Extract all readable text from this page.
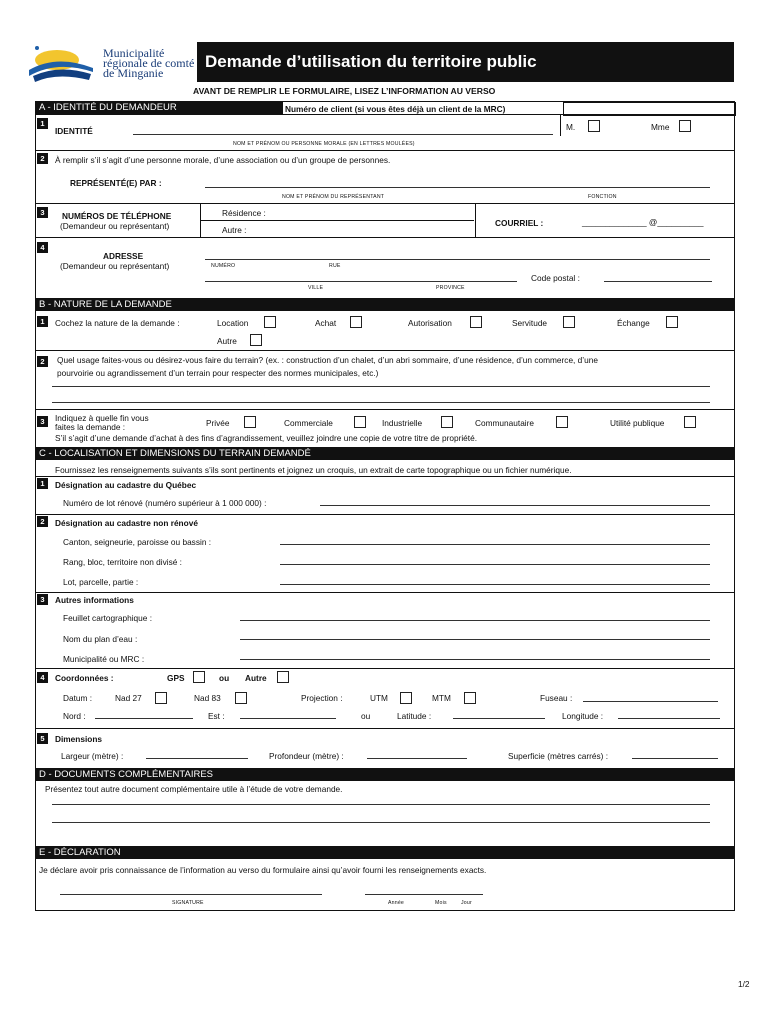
Municipalité
régionale de comté
de Minganie
Demande d’utilisation du territoire public
AVANT DE REMPLIR LE FORMULAIRE, LISEZ L’INFORMATION AU VERSO
A - IDENTITÉ DU DEMANDEUR	Numéro de client (si vous êtes déjà un client de la MRC)
1
IDENTITÉ	M.	Mme
NOM ET PRÉNOM OU PERSONNE MORALE (EN LETTRES MOULÉES)
2	À remplir s’il s’agit d’une personne morale, d’une association ou d’un groupe de personnes.
REPRÉSENTÉ(E) PAR :
NOM ET PRÉNOM DU REPRÉSENTANT	FONCTION
3	NUMÉROS DE TÉLÉPHONE
(Demandeur ou représentant)
Résidence :
Autre :
COURRIEL :	______________ @__________
4
ADRESSE
(Demandeur ou représentant)	NUMÉRO	RUE
Code postal :
VILLE	PROVINCE
B - NATURE DE LA DEMANDE
1	Cochez la nature de la demande :	Location	Achat	Autorisation	Servitude	Échange
Autre
2	Quel usage faites-vous ou désirez-vous faire du terrain? (ex. : construction d’un chalet, d’un abri sommaire, d’une résidence, d’un commerce, d’une
pourvoirie ou agrandissement d’un terrain pour respecter des normes municipales, etc.)
3	Indiquez à quelle fin vous
faites la demande :	Privée	Commerciale	Industrielle	Communautaire	Utilité publique
S’il s’agit d’une demande d’achat à des fins d’agrandissement, veuillez joindre une copie de votre titre de propriété.
C - LOCALISATION ET DIMENSIONS DU TERRAIN DEMANDÉ
Fournissez les renseignements suivants s’ils sont pertinents et joignez un croquis, un extrait de carte topographique ou un fichier numérique.
1	Désignation au cadastre du Québec
Numéro de lot rénové (numéro supérieur à 1 000 000) :
2	Désignation au cadastre non rénové
Canton, seigneurie, paroisse ou bassin :
Rang, bloc, territoire non divisé :
Lot, parcelle, partie :
3	Autres informations
Feuillet cartographique :
Nom du plan d’eau :
Municipalité ou MRC :
4	Coordonnées :	GPS	ou Autre
Datum :	Nad 27	Nad 83	Projection :	UTM	MTM	Fuseau :
Nord :	Est :	ou	Latitude :	Longitude :
5	Dimensions
Largeur (mètre) :	Profondeur (mètre) :	Superficie (mètres carrés) :
D - DOCUMENTS COMPLÉMENTAIRES
Présentez tout autre document complémentaire utile à l’étude de votre demande.
E - DÉCLARATION
Je déclare avoir pris connaissance de l’information au verso du formulaire ainsi qu’avoir fourni les renseignements exacts.
SIGNATURE	Année	Mois	Jour
1/2
